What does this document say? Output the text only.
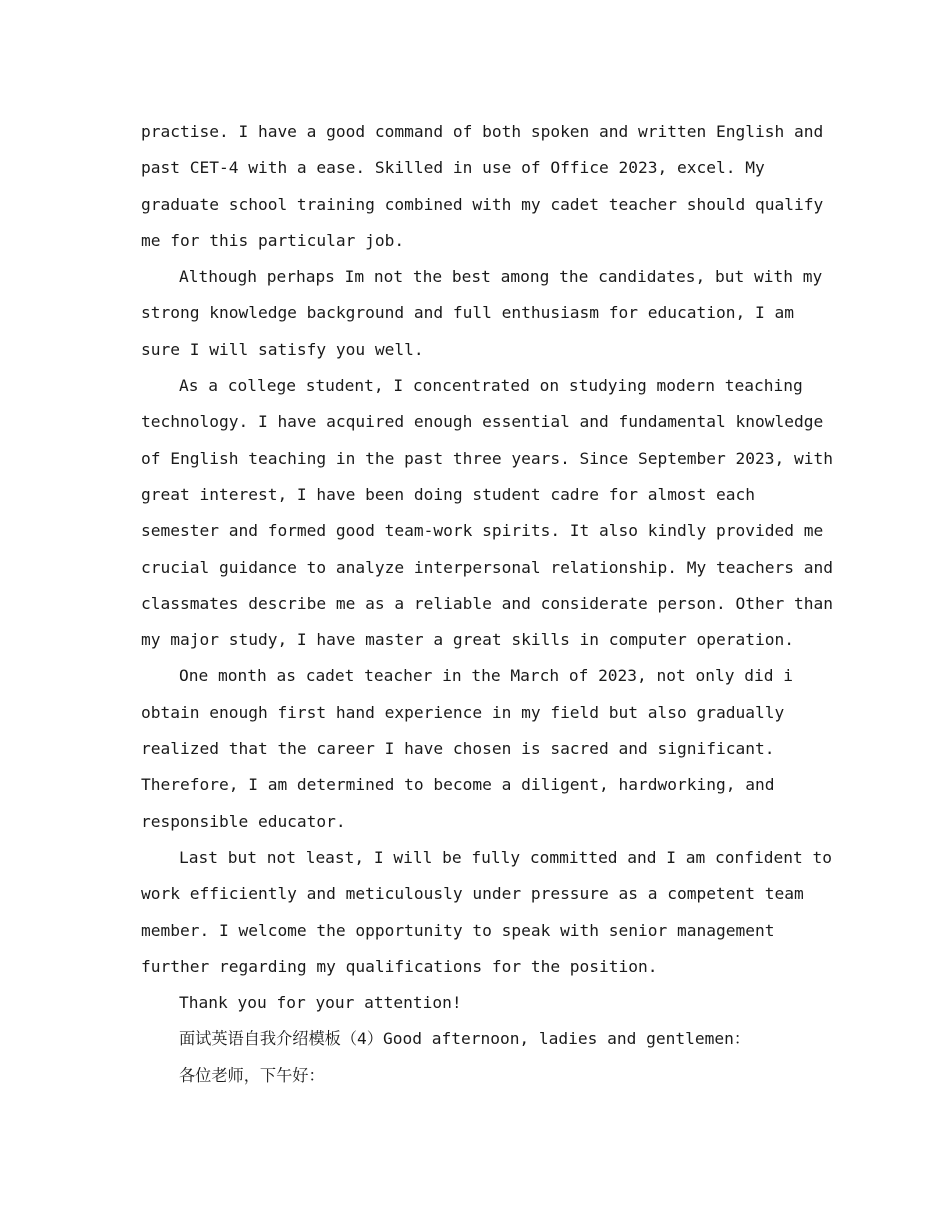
practise. I have a good command of both spoken and written English and
past CET-4 with a ease. Skilled in use of Office 2023, excel. My
graduate school training combined with my cadet teacher should qualify
me for this particular job.
Although perhaps Im not the best among the candidates, but with my
strong knowledge background and full enthusiasm for education, I am
sure I will satisfy you well.
As a college student, I concentrated on studying modern teaching
technology. I have acquired enough essential and fundamental knowledge
of English teaching in the past three years. Since September 2023, with
great interest, I have been doing student cadre for almost each
semester and formed good team-work spirits. It also kindly provided me
crucial guidance to analyze interpersonal relationship. My teachers and
classmates describe me as a reliable and considerate person. Other than
my major study, I have master a great skills in computer operation.
One month as cadet teacher in the March of 2023, not only did i
obtain enough first hand experience in my field but also gradually
realized that the career I have chosen is sacred and significant.
Therefore, I am determined to become a diligent, hardworking, and
responsible educator.
Last but not least, I will be fully committed and I am confident to
work efficiently and meticulously under pressure as a competent team
member. I welcome the opportunity to speak with senior management
further regarding my qualifications for the position.
Thank you for your attention!
面试英语自我介绍模板（4）Good afternoon, ladies and gentlemen：
各位老师，下午好：
